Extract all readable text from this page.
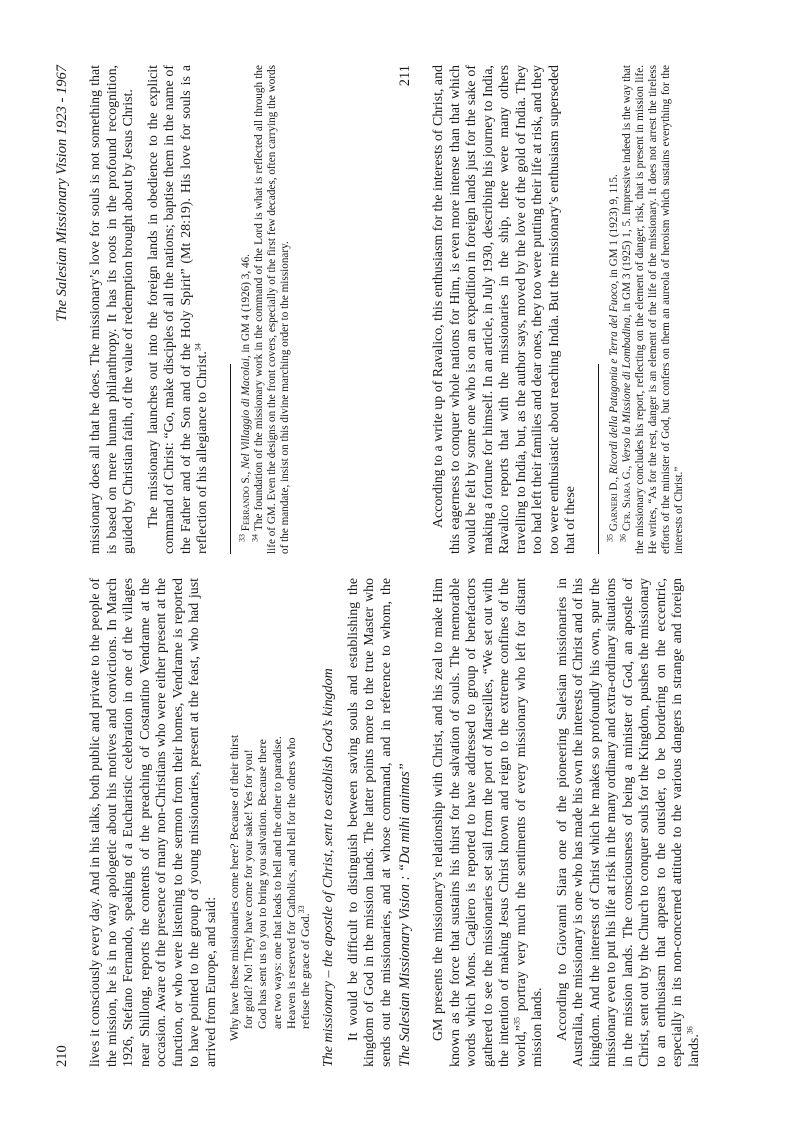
210
The Salesian Missionary Vision 1923 - 1967

lives it consciously every day. And in his talks, both public and private to the people of the mission, he is in no way apologetic about his motives and convictions. In March 1926, Stefano Fernando, speaking of a Eucharistic celebration in one of the villages near Shillong, reports the contents of the preaching of Costantino Vendrame at the occasion. Aware of the presence of many non-Christians who were either present at the function, or who were listening to the sermon from their homes, Vendrame is reported to have pointed to the group of young missionaries, present at the feast, who had just arrived from Europe, and said: Why have these missionaries come here? Because of their thirst for gold? No! They have come for your sake! Yes for you! God has sent us to you to bring you salvation. Because there are two ways: one that leads to hell and the other to paradise. Heaven is reserved for Catholics, and hell for the others who refuse the grace of God.$^{33}$	The missionary – the apostle of Christ, sent to establish God’s kingdom It would be difficult to distinguish between saving souls and establishing the kingdom of God in the mission lands. The latter points more to the true Master who sends out the missionaries, and at whose command, and in reference to whom, the missionary does all that he does. The missionary’s love for souls is not something that is based on mere human philanthropy. It has its roots in the profound recognition, guided by Christian faith, of the value of redemption brought about by Jesus Christ. The missionary launches out into the foreign lands in obedience to the explicit command of Christ: “Go, make disciples of all the nations; baptise them in the name of the Father and of the Son and of the Holy Spirit” (Mt 28:19). His love for souls is a reflection of his allegiance to Christ.$^{34}$

$^{33}$ Ferrando S., Nel Villaggio di Macolai, in GM 4 (1926) 3, 46.

$^{34}$ The foundation of the missionary work in the command of the Lord is what is reflected all through the life of GM. Even the designs on the front covers, especially of the first few decades, often carrying the words of the mandate, insist on this divine marching order to the missionary.

The Salesian Missionary Vision : “Da mihi animas”
211

GM presents the missionary’s relationship with Christ, and his zeal to make Him known as the force that sustains his thirst for the salvation of souls. The memorable words which Mons. Cagliero is reported to have addressed to group of benefactors gathered to see the missionaries set sail from the port of Marseilles, “We set out with the intention of making Jesus Christ known and reign to the extreme confines of the world,”$^{35}$ portray very much the sentiments of every missionary who left for distant mission lands. According to Giovanni Siara one of the pioneering Salesian missionaries in Australia, the missionary is one who has made his own the interests of Christ and of his kingdom. And the interests of Christ which he makes so profoundly his own, spur the missionary even to put his life at risk in the many ordinary and extra-ordinary situations in the mission lands. The consciousness of being a minister of God, an apostle of Christ, sent out by the Church to conquer souls for the Kingdom, pushes the missionary to an enthusiasm that appears to the outsider, to be bordering on the eccentric, especially in its non-concerned attitude to the various dangers in strange and foreign lands.$^{36}$

According to a write up of Ravalico, this enthusiasm for the interests of Christ, and this eagerness to conquer whole nations for Him, is even more intense than that which would be felt by some one who is on an expedition in foreign lands just for the sake of making a fortune for himself. In an article, in July 1930, describing his journey to India, Ravalico reports that with the missionaries in the ship, there were many others travelling to India, but, as the author says, moved by the love of the gold of India. They too had left their families and dear ones, they too were putting their life at risk, and they too were enthusiastic about reaching India. But the missionary’s enthusiasm superseded that of these	$^{35}$ Garneri D., Ricordi della Patagonia e Terra del Fuoco, in GM 1 (1923) 9, 115.

$^{36}$ Cfr. Siara G., Verso la Missione di Lombadina, in GM 3 (1925) 1, 5. Impressive indeed is the way that the missionary concludes his report, reflecting on the element of danger, risk, that is present in mission life. He writes, “As for the rest, danger is an element of the life of the missionary. It does not arrest the tireless efforts of the minister of God, but confers on them an aureola of heroism which sustains everything for the interests of Christ.”
